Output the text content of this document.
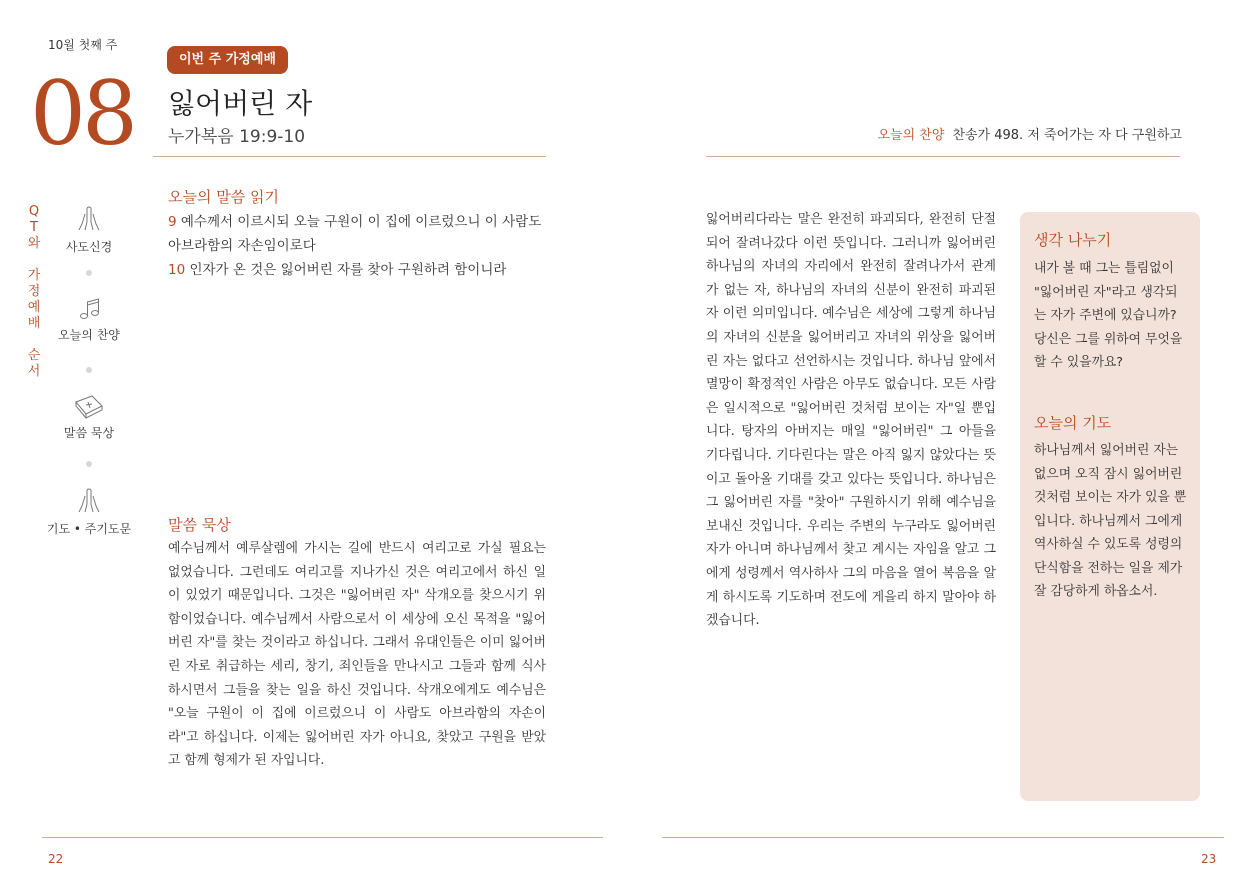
10월 첫째 주
08
이번 주 가정예배
잃어버린 자
누가복음 19:9-10
Q
T
와
가
정
예
배
순
서
사도신경
오늘의 찬양
말씀 묵상
기도 • 주기도문
오늘의 말씀 읽기
9 예수께서 이르시되 오늘 구원이 이 집에 이르렀으니 이 사람도 아브라함의 자손임이로다
10 인자가 온 것은 잃어버린 자를 찾아 구원하려 함이니라
말씀 묵상
예수님께서 예루살렘에 가시는 길에 반드시 여리고로 가실 필요는 없었습니다. 그런데도 여리고를 지나가신 것은 여리고에서 하신 일이 있었기 때문입니다. 그것은 "잃어버린 자" 삭개오를 찾으시기 위함이었습니다. 예수님께서 사람으로서 이 세상에 오신 목적을 "잃어버린 자"를 찾는 것이라고 하십니다. 그래서 유대인들은 이미 잃어버린 자로 취급하는 세리, 창기, 죄인들을 만나시고 그들과 함께 식사하시면서 그들을 찾는 일을 하신 것입니다. 삭개오에게도 예수님은 "오늘 구원이 이 집에 이르렀으니 이 사람도 아브라함의 자손이라"고 하십니다. 이제는 잃어버린 자가 아니요, 찾았고 구원을 받았고 함께 형제가 된 자입니다.
22
오늘의 찬양 찬송가 498. 저 죽어가는 자 다 구원하고
잃어버리다라는 말은 완전히 파괴되다, 완전히 단절되어 잘려나갔다 이런 뜻입니다. 그러니까 잃어버린 하나님의 자녀의 자리에서 완전히 잘려나가서 관계가 없는 자, 하나님의 자녀의 신분이 완전히 파괴된 자 이런 의미입니다. 예수님은 세상에 그렇게 하나님의 자녀의 신분을 잃어버리고 자녀의 위상을 잃어버린 자는 없다고 선언하시는 것입니다. 하나님 앞에서 멸망이 확정적인 사람은 아무도 없습니다. 모든 사람은 일시적으로 "잃어버린 것처럼 보이는 자"일 뿐입니다. 탕자의 아버지는 매일 "잃어버린" 그 아들을 기다립니다. 기다린다는 말은 아직 잃지 않았다는 뜻이고 돌아올 기대를 갖고 있다는 뜻입니다. 하나님은 그 잃어버린 자를 "찾아" 구원하시기 위해 예수님을 보내신 것입니다. 우리는 주변의 누구라도 잃어버린 자가 아니며 하나님께서 찾고 계시는 자임을 알고 그에게 성령께서 역사하사 그의 마음을 열어 복음을 알게 하시도록 기도하며 전도에 게을리 하지 말아야 하겠습니다.
생각 나누기
내가 볼 때 그는 틀림없이 "잃어버린 자"라고 생각되는 자가 주변에 있습니까? 당신은 그를 위하여 무엇을 할 수 있을까요?
오늘의 기도
하나님께서 잃어버린 자는 없으며 오직 잠시 잃어버린 것처럼 보이는 자가 있을 뿐입니다. 하나님께서 그에게 역사하실 수 있도록 성령의 단식함을 전하는 일을 제가 잘 감당하게 하옵소서.
23
